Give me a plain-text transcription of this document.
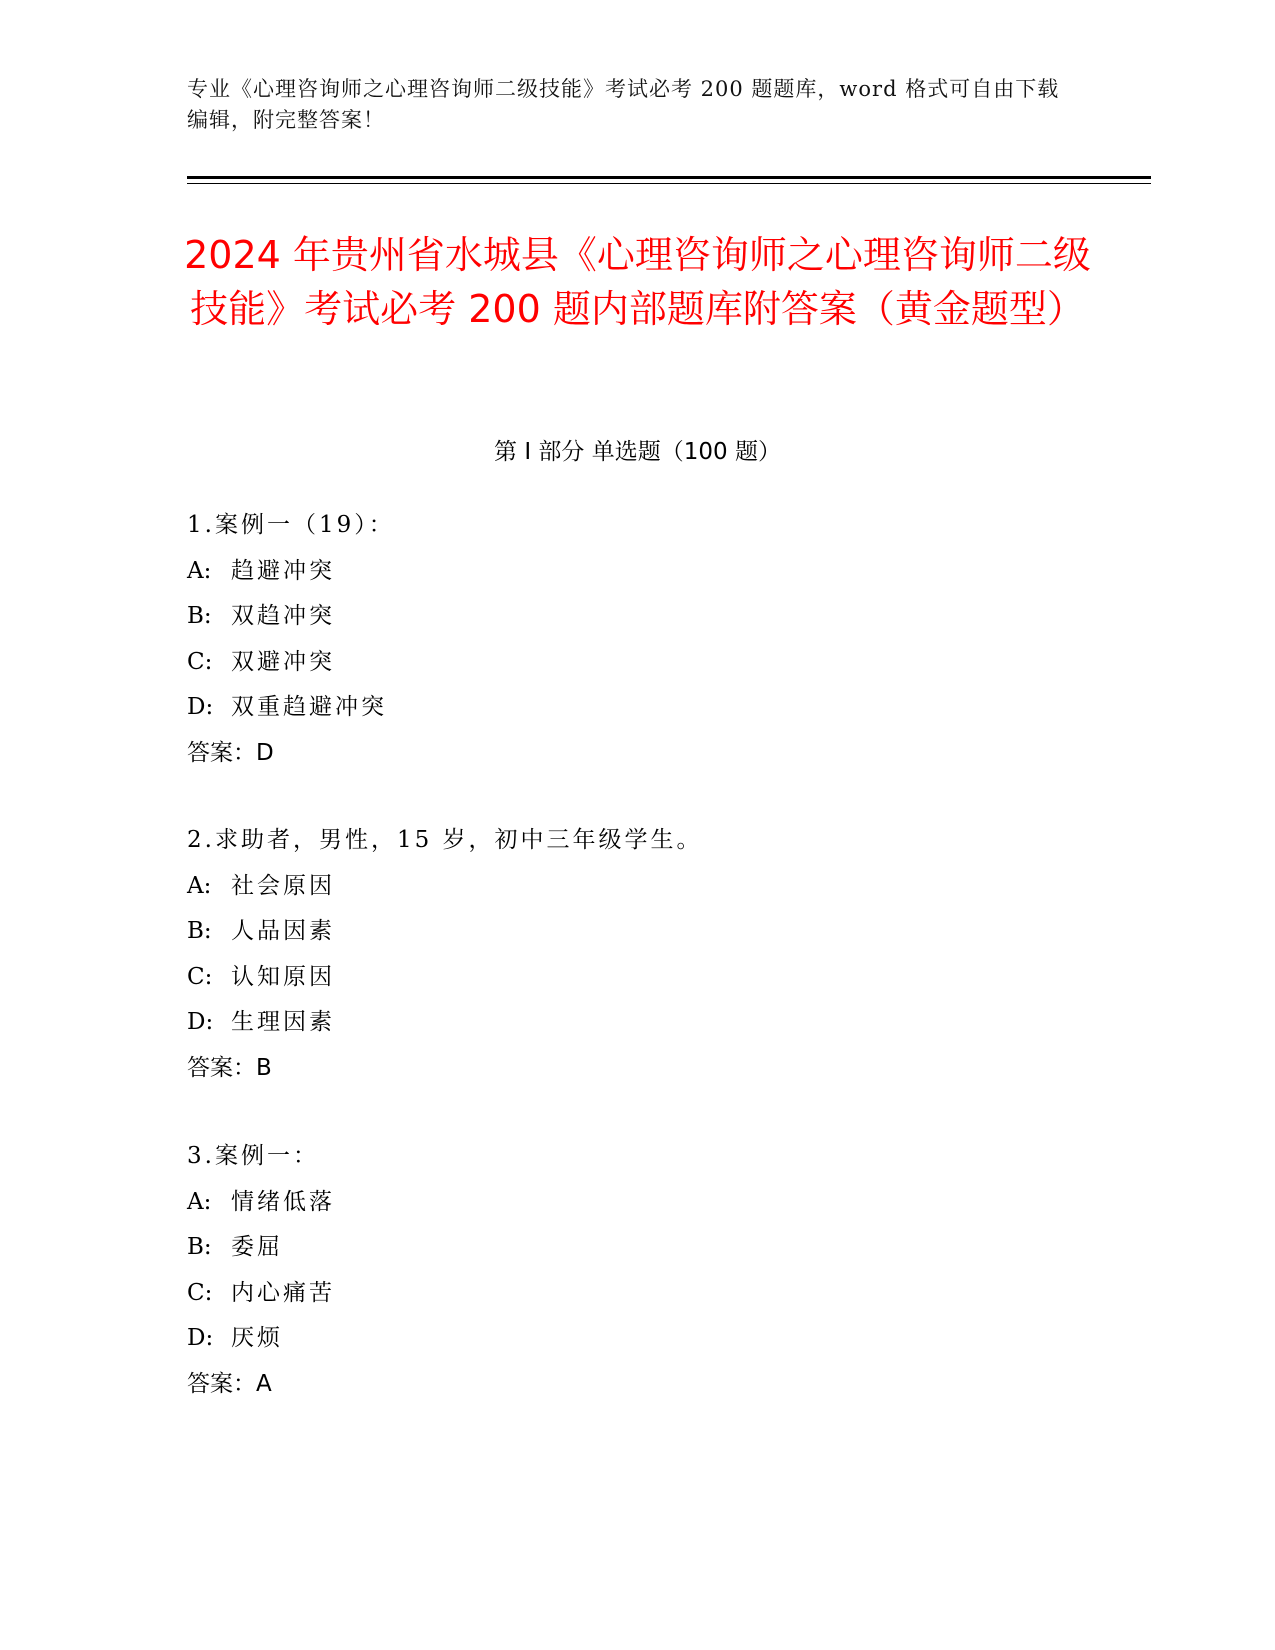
专业《心理咨询师之心理咨询师二级技能》考试必考 200 题题库，word 格式可自由下载编辑，附完整答案！
2024 年贵州省水城县《心理咨询师之心理咨询师二级技能》考试必考 200 题内部题库附答案（黄金题型）
第 I 部分 单选题（100 题）
1.案例一（19）：
A: 趋避冲突
B: 双趋冲突
C: 双避冲突
D: 双重趋避冲突
答案：D
2.求助者，男性，15 岁，初中三年级学生。
A: 社会原因
B: 人品因素
C: 认知原因
D: 生理因素
答案：B
3.案例一：
A: 情绪低落
B: 委屈
C: 内心痛苦
D: 厌烦
答案：A
